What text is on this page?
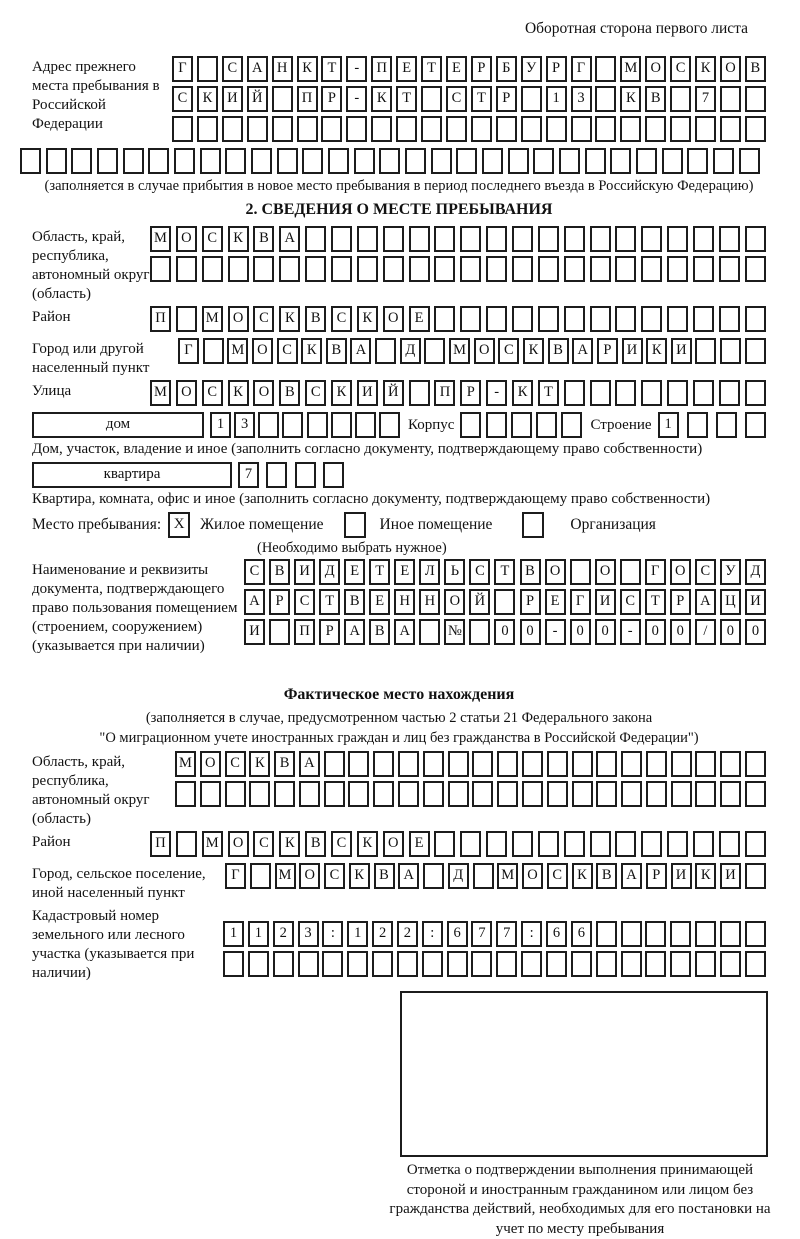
Оборотная сторона первого листа
Адрес прежнего места пребывания в Российской Федерации
Г	С	А Н	К	Т	-	П	Е	Т	Е	Р	Б	У	Р	Г	М О	С	К	О	В
С	К	И Й	П	Р	-	К	Т	С	Т	Р	1	3	К	В	7
(заполняется в случае прибытия в новое место пребывания в период последнего въезда в Российскую Федерацию)
2. СВЕДЕНИЯ О МЕСТЕ ПРЕБЫВАНИЯ
Область, край, республика, автономный округ (область)
М О	С	К	В	А
Район	П	М О	С	К	В	С	К	О	Е
Город или другой населенный пункт
Г	М О	С	К	В	А	Д	М О	С	К	В	А	Р	И	К	И
Улица	М О	С	К	О	В	С	К	И	Й	П	Р	-	К	Т
дом	1	3	Корпус	Строение 1
Дом, участок, владение и иное (заполнить согласно документу, подтверждающему право собственности)
квартира	7
Квартира, комната, офис и иное (заполнить согласно документу, подтверждающему право собственности)
Место пребывания: X	Жилое помещение	Иное помещение	Организация
(Необходимо выбрать нужное)
Наименование и реквизиты документа, подтверждающего право пользования помещением (строением, сооружением) (указывается при наличии)
С	В	И	Д	Е	Т	Е	Л	Ь	С	Т	В	О	О	Г	О	С	У	Д
А	Р	С	Т	В	Е	Н	Н	О	Й	Р	Е	Г	И	С	Т	Р	А	Ц	И
И	П	Р	А	В	А	№	0	0	-	0	0	-	0	0	/	0	0
Фактическое место нахождения
(заполняется в случае, предусмотренном частью 2 статьи 21 Федерального закона
"О миграционном учете иностранных граждан и лиц без гражданства в Российской Федерации")
Область, край, республика, автономный округ (область)
М О	С	К	В	А
Район	П	М О	С	К	В	С	К	О	Е
Город, сельское поселение, иной населенный пункт
Г	М О	С	К	В	А	Д	М О	С	К	В	А	Р	И	К	И
Кадастровый номер земельного или лесного участка (указывается при наличии)
1	1	2	3	:	1	2	2	:	6	7	7	:	6	6
Отметка о подтверждении выполнения принимающей стороной и иностранным гражданином или лицом без гражданства действий, необходимых для его постановки на учет по месту пребывания
